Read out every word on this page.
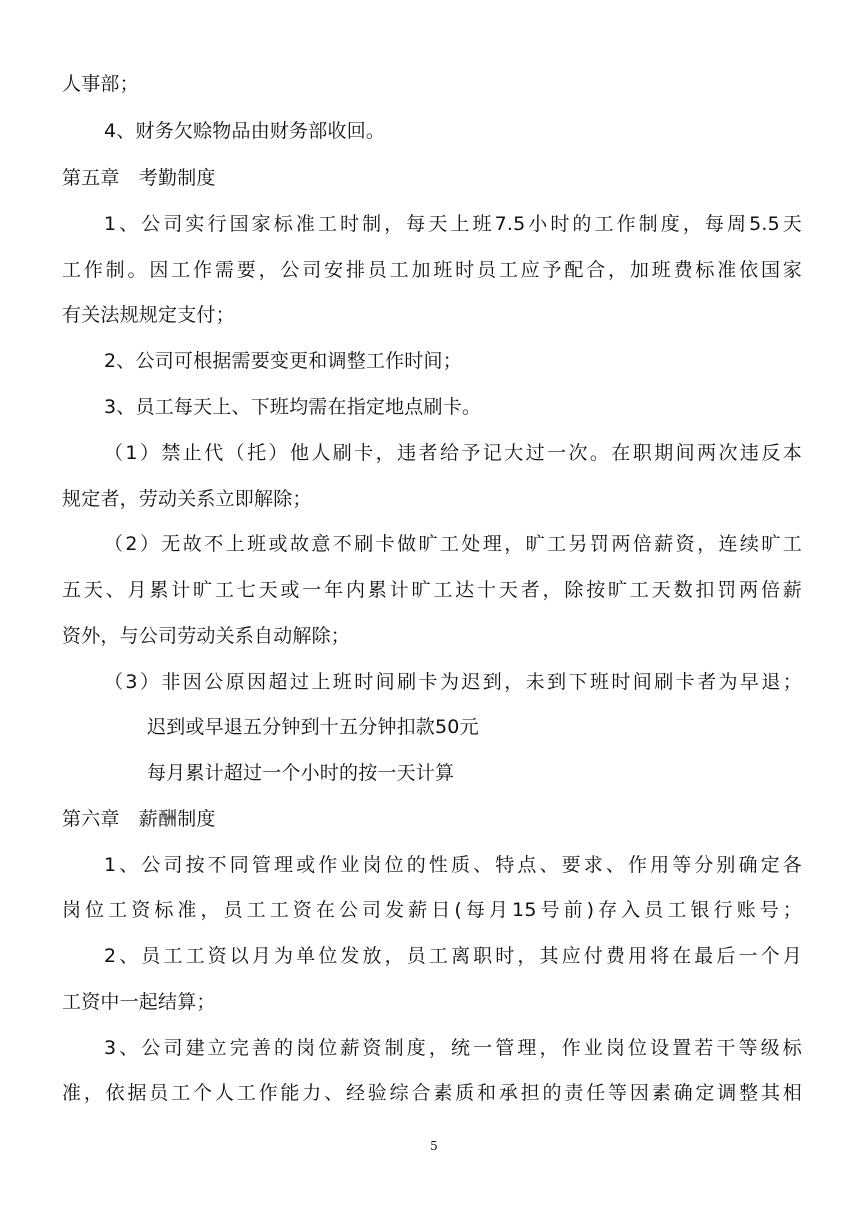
人事部；
4、财务欠赊物品由财务部收回。
第五章　考勤制度
1、公司实行国家标准工时制，每天上班7.5小时的工作制度，每周5.5天
工作制。因工作需要，公司安排员工加班时员工应予配合，加班费标准依国家
有关法规规定支付；
2、公司可根据需要变更和调整工作时间；
3、员工每天上、下班均需在指定地点刷卡。
（1）禁止代（托）他人刷卡，违者给予记大过一次。在职期间两次违反本
规定者，劳动关系立即解除；
（2）无故不上班或故意不刷卡做旷工处理，旷工另罚两倍薪资，连续旷工
五天、月累计旷工七天或一年内累计旷工达十天者，除按旷工天数扣罚两倍薪
资外，与公司劳动关系自动解除；
（3）非因公原因超过上班时间刷卡为迟到，未到下班时间刷卡者为早退；
迟到或早退五分钟到十五分钟扣款50元
每月累计超过一个小时的按一天计算
第六章　薪酬制度
1、公司按不同管理或作业岗位的性质、特点、要求、作用等分别确定各
岗位工资标准，员工工资在公司发薪日(每月15号前)存入员工银行账号；
2、员工工资以月为单位发放，员工离职时，其应付费用将在最后一个月
工资中一起结算；
3、公司建立完善的岗位薪资制度，统一管理，作业岗位设置若干等级标
准，依据员工个人工作能力、经验综合素质和承担的责任等因素确定调整其相
5
